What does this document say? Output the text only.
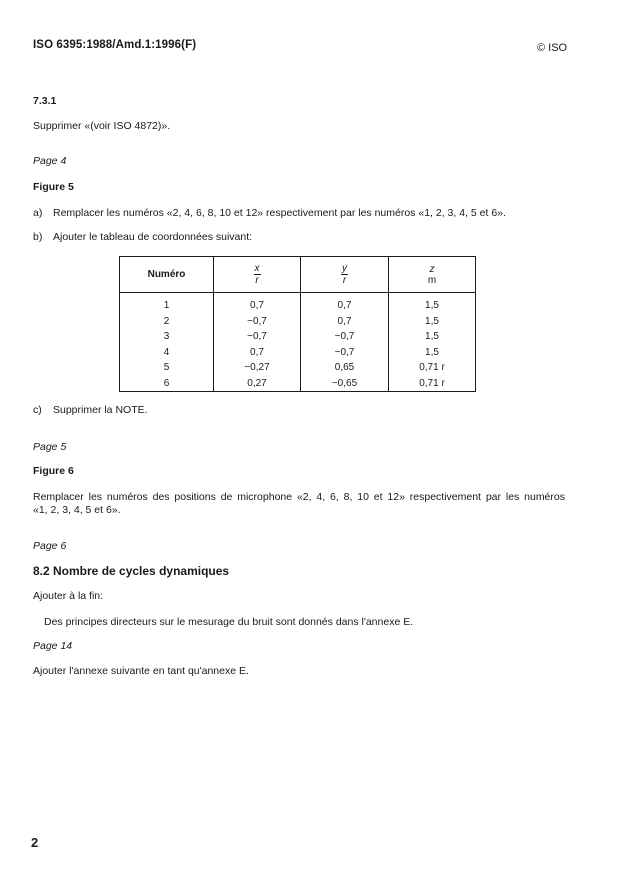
ISO 6395:1988/Amd.1:1996(F)	© ISO
7.3.1
Supprimer «(voir ISO 4872)».
Page 4
Figure 5
a) Remplacer les numéros «2, 4, 6, 8, 10 et 12» respectivement par les numéros «1, 2, 3, 4, 5 et 6».
b) Ajouter le tableau de coordonnées suivant:
Numéro	$\frac{x}{r}$	$\frac{y}{r}$	z
m

1	0,7	0,7	1,5
2	−0,7	0,7	1,5
3	−0,7	−0,7	1,5
4	0,7	−0,7	1,5
5	−0,27	0,65	0,71 r
6	0,27	−0,65	0,71 r
c) Supprimer la NOTE.
Page 5
Figure 6
Remplacer les numéros des positions de microphone «2, 4, 6, 8, 10 et 12» respectivement par les numéros
«1, 2, 3, 4, 5 et 6».
Page 6
8.2 Nombre de cycles dynamiques
Ajouter à la fin:
Des principes directeurs sur le mesurage du bruit sont donnés dans l'annexe E.
Page 14
Ajouter l'annexe suivante en tant qu'annexe E.
2
